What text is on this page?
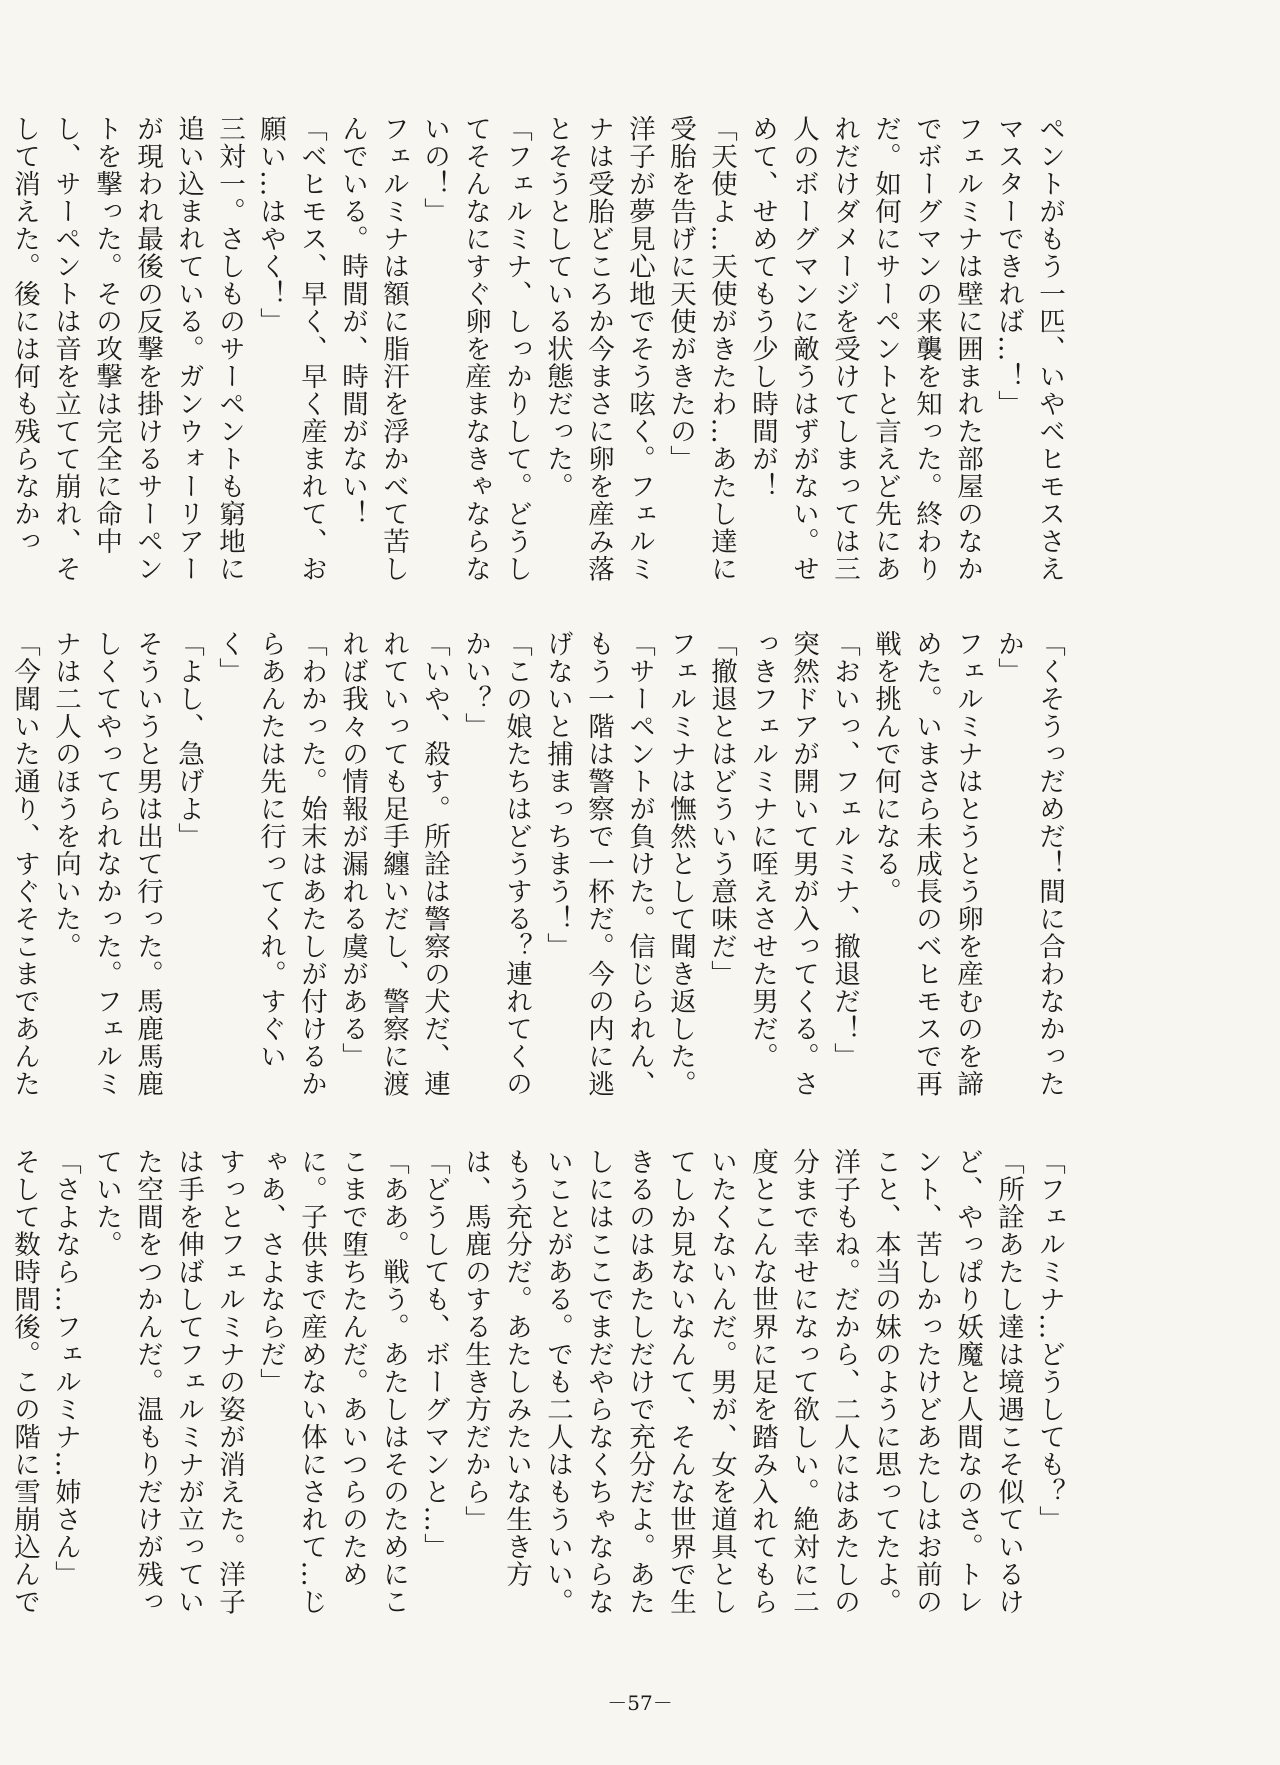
ペントがもう一匹、いやベヒモスさえマスターできれば…！」

フェルミナは壁に囲まれた部屋のなかでボーグマンの来襲を知った。終わりだ。如何にサーペントと言えど先にあれだけダメージを受けてしまっては三人のボーグマンに敵うはずがない。せめて、せめてもう少し時間が！

「天使よ…天使がきたわ…あたし達に受胎を告げに天使がきたの」

洋子が夢見心地でそう呟く。フェルミナは受胎どころか今まさに卵を産み落とそうとしている状態だった。

「フェルミナ、しっかりして。どうしてそんなにすぐ卵を産まなきゃならないの！」

フェルミナは額に脂汗を浮かべて苦しんでいる。時間が、時間がない！

「ベヒモス、早く、早く産まれて、お願い…はやく！」

三対一。さしものサーペントも窮地に追い込まれている。ガンウォーリアーが現われ最後の反撃を掛けるサーペントを撃った。その攻撃は完全に命中し、サーペントは音を立てて崩れ、そして消えた。後には何も残らなかっ

「くそうっだめだ！間に合わなかったか」

フェルミナはとうとう卵を産むのを諦めた。いまさら未成長のベヒモスで再戦を挑んで何になる。

「おいっ、フェルミナ、撤退だ！」

突然ドアが開いて男が入ってくる。さっきフェルミナに咥えさせた男だ。

「撤退とはどういう意味だ」

フェルミナは憮然として聞き返した。

「サーペントが負けた。信じられん、もう一階は警察で一杯だ。今の内に逃げないと捕まっちまう！」

「この娘たちはどうする？連れてくのかい？」

「いや、殺す。所詮は警察の犬だ、連れていっても足手纏いだし、警察に渡れば我々の情報が漏れる虞がある」

「わかった。始末はあたしが付けるからあんたは先に行ってくれ。すぐいく」

「よし、急げよ」

そういうと男は出て行った。馬鹿馬鹿しくてやってられなかった。フェルミナは二人のほうを向いた。

「今聞いた通り、すぐそこまであんた

「フェルミナ…どうしても？」

「所詮あたし達は境遇こそ似ているけど、やっぱり妖魔と人間なのさ。トレント、苦しかったけどあたしはお前のこと、本当の妹のように思ってたよ。洋子もね。だから、二人にはあたしの分まで幸せになって欲しい。絶対に二度とこんな世界に足を踏み入れてもらいたくないんだ。男が、女を道具としてしか見ないなんて、そんな世界で生きるのはあたしだけで充分だよ。あたしにはここでまだやらなくちゃならないことがある。でも二人はもういい。もう充分だ。あたしみたいな生き方は、馬鹿のする生き方だから」

「どうしても、ボーグマンと…」

「ああ。戦う。あたしはそのためにここまで堕ちたんだ。あいつらのために。子供まで産めない体にされて…じゃあ、さよならだ」

すっとフェルミナの姿が消えた。洋子は手を伸ばしてフェルミナが立っていた空間をつかんだ。温もりだけが残っていた。

「さよなら…フェルミナ…姉さん」

そして数時間後。この階に雪崩込んで

－57－
